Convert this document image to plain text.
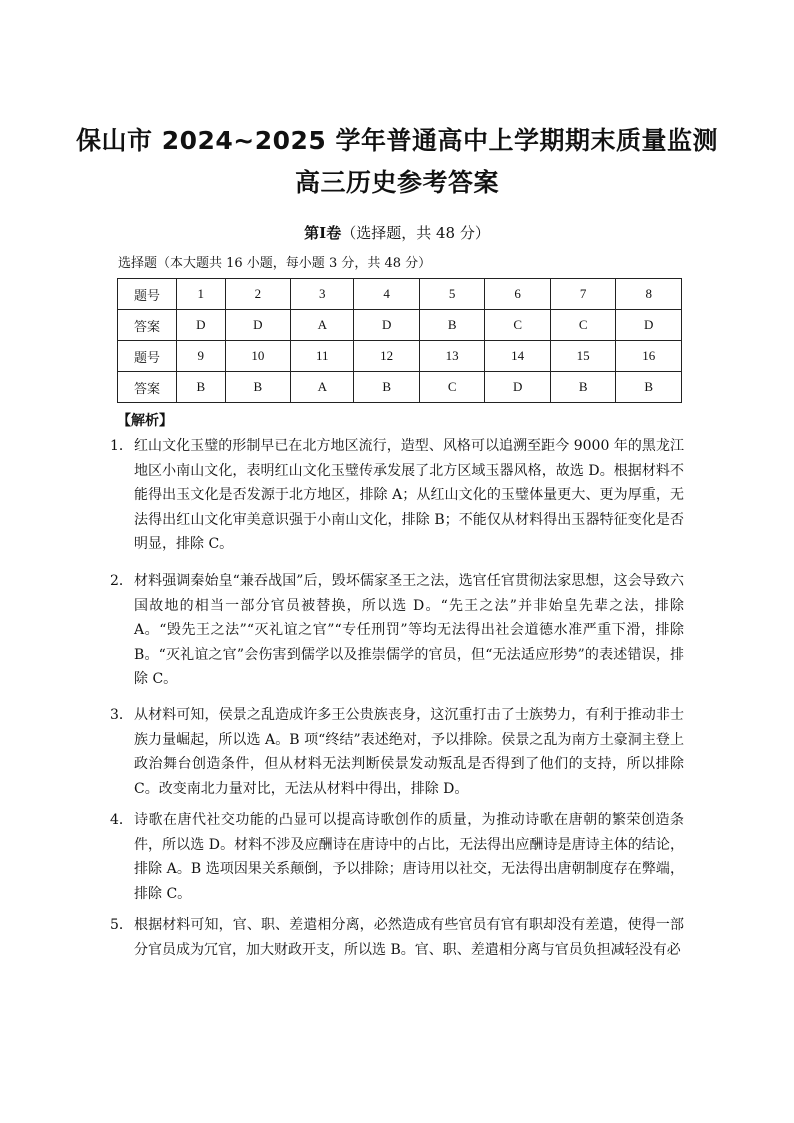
保山市 2024~2025 学年普通高中上学期期末质量监测
高三历史参考答案
第Ⅰ卷（选择题，共 48 分）
选择题（本大题共 16 小题，每小题 3 分，共 48 分）
题号	1	2	3	4	5	6	7	8
答案	D	D	A	D	B	C	C	D
题号	9	10	11	12	13	14	15	16
答案	B	B	A	B	C	D	B	B
【解析】
1． 红山文化玉璧的形制早已在北方地区流行，造型、风格可以追溯至距今 9000 年的黑龙江地区小南山文化，表明红山文化玉璧传承发展了北方区域玉器风格，故选 D。根据材料不能得出玉文化是否发源于北方地区，排除 A；从红山文化的玉璧体量更大、更为厚重，无法得出红山文化审美意识强于小南山文化，排除 B；不能仅从材料得出玉器特征变化是否明显，排除 C。
2． 材料强调秦始皇“兼吞战国”后，毁坏儒家圣王之法，选官任官贯彻法家思想，这会导致六国故地的相当一部分官员被替换，所以选 D。“先王之法”并非始皇先辈之法，排除 A。“毁先王之法”“灭礼谊之官”“专任刑罚”等均无法得出社会道德水准严重下滑，排除 B。“灭礼谊之官”会伤害到儒学以及推崇儒学的官员，但“无法适应形势”的表述错误，排除 C。
3． 从材料可知，侯景之乱造成许多王公贵族丧身，这沉重打击了士族势力，有利于推动非士族力量崛起，所以选 A。B 项“终结”表述绝对，予以排除。侯景之乱为南方土豪洞主登上政治舞台创造条件，但从材料无法判断侯景发动叛乱是否得到了他们的支持，所以排除 C。改变南北力量对比，无法从材料中得出，排除 D。
4． 诗歌在唐代社交功能的凸显可以提高诗歌创作的质量，为推动诗歌在唐朝的繁荣创造条件，所以选 D。材料不涉及应酬诗在唐诗中的占比，无法得出应酬诗是唐诗主体的结论，排除 A。B 选项因果关系颠倒，予以排除；唐诗用以社交，无法得出唐朝制度存在弊端，排除 C。
5． 根据材料可知，官、职、差遣相分离，必然造成有些官员有官有职却没有差遣，使得一部分官员成为冗官，加大财政开支，所以选 B。官、职、差遣相分离与官员负担减轻没有必
